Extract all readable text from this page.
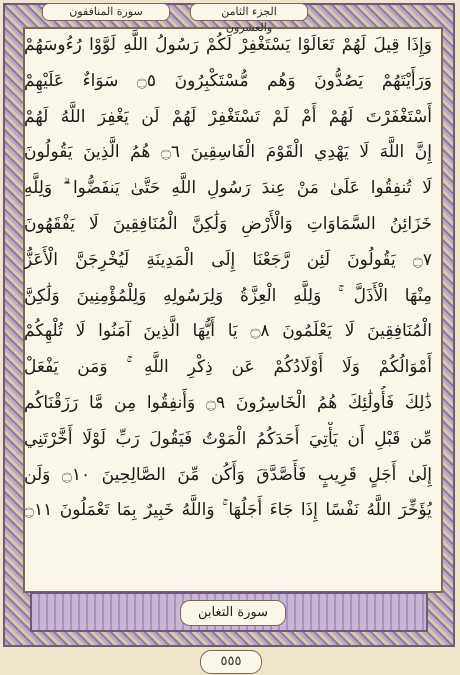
الجزء الثامن والعشرون
سورة المنافقون
وَإِذَا قِيلَ لَهُمْ تَعَالَوْا يَسْتَغْفِرْ لَكُمْ رَسُولُ اللَّهِ لَوَّوْا رُءُوسَهُمْ
وَرَأَيْتَهُمْ يَصُدُّونَ وَهُم مُّسْتَكْبِرُونَ ۝٥ سَوَاءٌ عَلَيْهِمْ
أَسْتَغْفَرْتَ لَهُمْ أَمْ لَمْ تَسْتَغْفِرْ لَهُمْ لَن يَغْفِرَ اللَّهُ لَهُمْ
إِنَّ اللَّهَ لَا يَهْدِي الْقَوْمَ الْفَاسِقِينَ ۝٦ هُمُ الَّذِينَ يَقُولُونَ
لَا تُنفِقُوا عَلَىٰ مَنْ عِندَ رَسُولِ اللَّهِ حَتَّىٰ يَنفَضُّوا ۗ وَلِلَّهِ
خَزَائِنُ السَّمَاوَاتِ وَالْأَرْضِ وَلَٰكِنَّ الْمُنَافِقِينَ لَا يَفْقَهُونَ
۝٧ يَقُولُونَ لَئِن رَّجَعْنَا إِلَى الْمَدِينَةِ لَيُخْرِجَنَّ الْأَعَزُّ
مِنْهَا الْأَذَلَّ ۚ وَلِلَّهِ الْعِزَّةُ وَلِرَسُولِهِ وَلِلْمُؤْمِنِينَ وَلَٰكِنَّ
الْمُنَافِقِينَ لَا يَعْلَمُونَ ۝٨ يَا أَيُّهَا الَّذِينَ آمَنُوا لَا تُلْهِكُمْ
أَمْوَالُكُمْ وَلَا أَوْلَادُكُمْ عَن ذِكْرِ اللَّهِ ۚ وَمَن يَفْعَلْ
ذَٰلِكَ فَأُولَٰئِكَ هُمُ الْخَاسِرُونَ ۝٩ وَأَنفِقُوا مِن مَّا رَزَقْنَاكُم
مِّن قَبْلِ أَن يَأْتِيَ أَحَدَكُمُ الْمَوْتُ فَيَقُولَ رَبِّ لَوْلَا أَخَّرْتَنِي
إِلَىٰ أَجَلٍ قَرِيبٍ فَأَصَّدَّقَ وَأَكُن مِّنَ الصَّالِحِينَ ۝١٠ وَلَن
يُؤَخِّرَ اللَّهُ نَفْسًا إِذَا جَاءَ أَجَلُهَا ۚ وَاللَّهُ خَبِيرٌ بِمَا تَعْمَلُونَ ۝١١
سورة التغابن
٥٥٥
